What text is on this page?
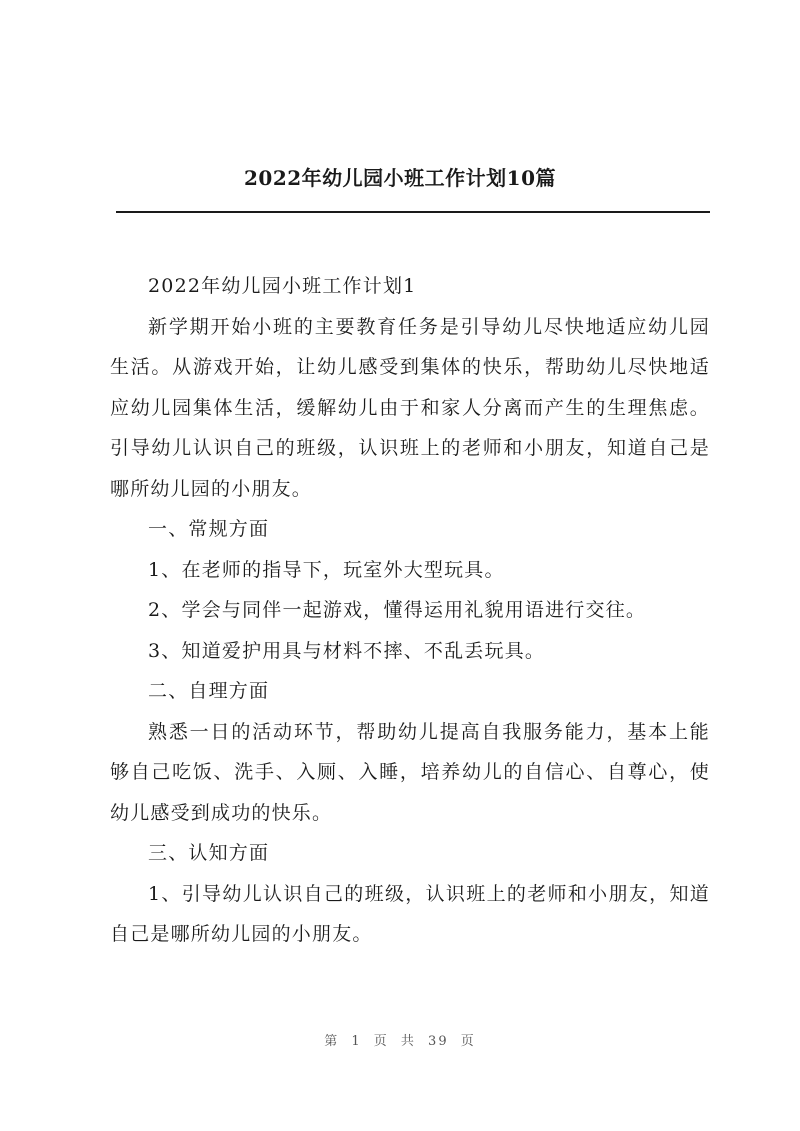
2022年幼儿园小班工作计划10篇

2022年幼儿园小班工作计划1

新学期开始小班的主要教育任务是引导幼儿尽快地适应幼儿园生活。从游戏开始，让幼儿感受到集体的快乐，帮助幼儿尽快地适应幼儿园集体生活，缓解幼儿由于和家人分离而产生的生理焦虑。引导幼儿认识自己的班级，认识班上的老师和小朋友，知道自己是哪所幼儿园的小朋友。

一、常规方面

1、在老师的指导下，玩室外大型玩具。

2、学会与同伴一起游戏，懂得运用礼貌用语进行交往。

3、知道爱护用具与材料不摔、不乱丢玩具。

二、自理方面

熟悉一日的活动环节，帮助幼儿提高自我服务能力，基本上能够自己吃饭、洗手、入厕、入睡，培养幼儿的自信心、自尊心，使幼儿感受到成功的快乐。

三、认知方面

1、引导幼儿认识自己的班级，认识班上的老师和小朋友，知道自己是哪所幼儿园的小朋友。

第 1 页 共 39 页
